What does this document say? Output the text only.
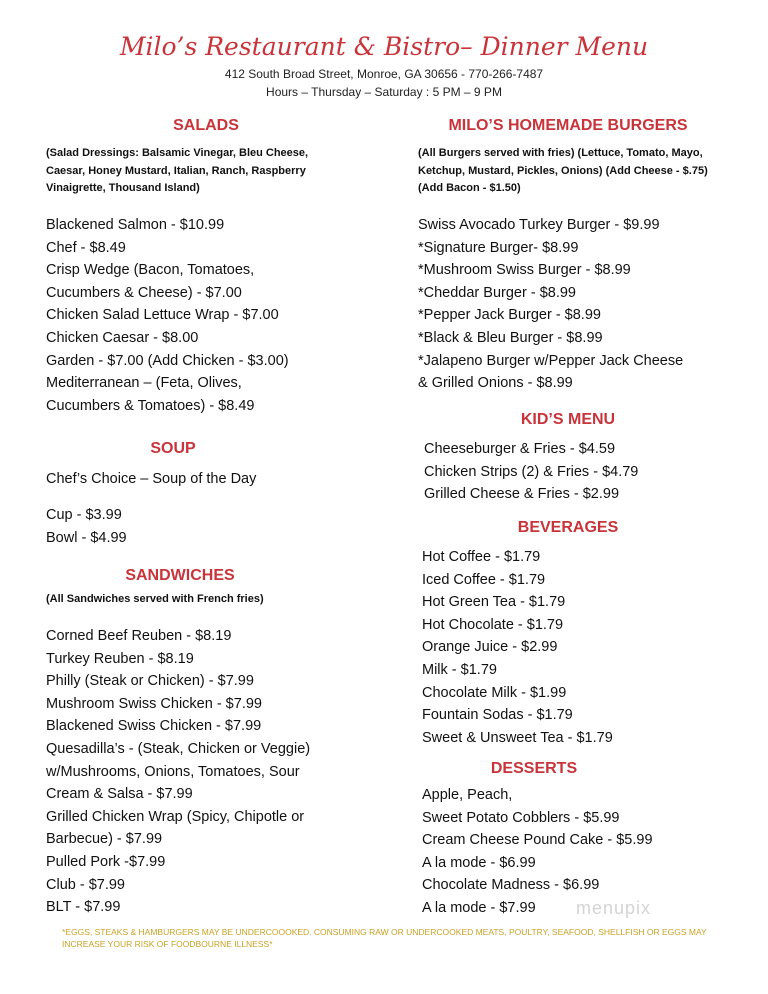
Milo’s Restaurant & Bistro– Dinner Menu
412 South Broad Street, Monroe, GA 30656 - 770-266-7487
Hours – Thursday – Saturday : 5 PM – 9 PM
SALADS
(Salad Dressings: Balsamic Vinegar, Bleu Cheese, Caesar, Honey Mustard, Italian, Ranch, Raspberry Vinaigrette, Thousand Island)
Blackened Salmon - $10.99
Chef - $8.49
Crisp Wedge (Bacon, Tomatoes,
Cucumbers & Cheese) - $7.00
Chicken Salad Lettuce Wrap - $7.00
Chicken Caesar - $8.00
Garden - $7.00 (Add Chicken - $3.00)
Mediterranean – (Feta, Olives,
Cucumbers & Tomatoes) - $8.49
SOUP
Chef’s Choice – Soup of the Day
Cup - $3.99
Bowl - $4.99
SANDWICHES
(All Sandwiches served with French fries)
Corned Beef Reuben - $8.19
Turkey Reuben - $8.19
Philly (Steak or Chicken) - $7.99
Mushroom Swiss Chicken - $7.99
Blackened Swiss Chicken - $7.99
Quesadilla’s - (Steak, Chicken or Veggie)
w/Mushrooms, Onions, Tomatoes, Sour
Cream & Salsa - $7.99
Grilled Chicken Wrap (Spicy, Chipotle or
Barbecue) - $7.99
Pulled Pork -$7.99
Club - $7.99
BLT - $7.99
MILO’S HOMEMADE BURGERS
(All Burgers served with fries) (Lettuce, Tomato, Mayo, Ketchup, Mustard, Pickles, Onions) (Add Cheese - $.75) (Add Bacon - $1.50)
Swiss Avocado Turkey Burger - $9.99
*Signature Burger- $8.99
*Mushroom Swiss Burger - $8.99
*Cheddar Burger - $8.99
*Pepper Jack Burger - $8.99
*Black & Bleu Burger - $8.99
*Jalapeno Burger w/Pepper Jack Cheese
& Grilled Onions - $8.99
KID’S MENU
Cheeseburger & Fries - $4.59
Chicken Strips (2) & Fries - $4.79
Grilled Cheese & Fries - $2.99
BEVERAGES
Hot Coffee - $1.79
Iced Coffee - $1.79
Hot Green Tea - $1.79
Hot Chocolate - $1.79
Orange Juice - $2.99
Milk - $1.79
Chocolate Milk - $1.99
Fountain Sodas - $1.79
Sweet & Unsweet Tea - $1.79
DESSERTS
Apple, Peach,
Sweet Potato Cobblers - $5.99
Cream Cheese Pound Cake - $5.99
A la mode - $6.99
Chocolate Madness - $6.99
A la mode - $7.99	menupix
*EGGS, STEAKS & HAMBURGERS MAY BE UNDERCOOOKED. CONSUMING RAW OR UNDERCOOKED MEATS, POULTRY, SEAFOOD, SHELLFISH OR EGGS MAY INCREASE YOUR RISK OF FOODBOURNE ILLNESS*
